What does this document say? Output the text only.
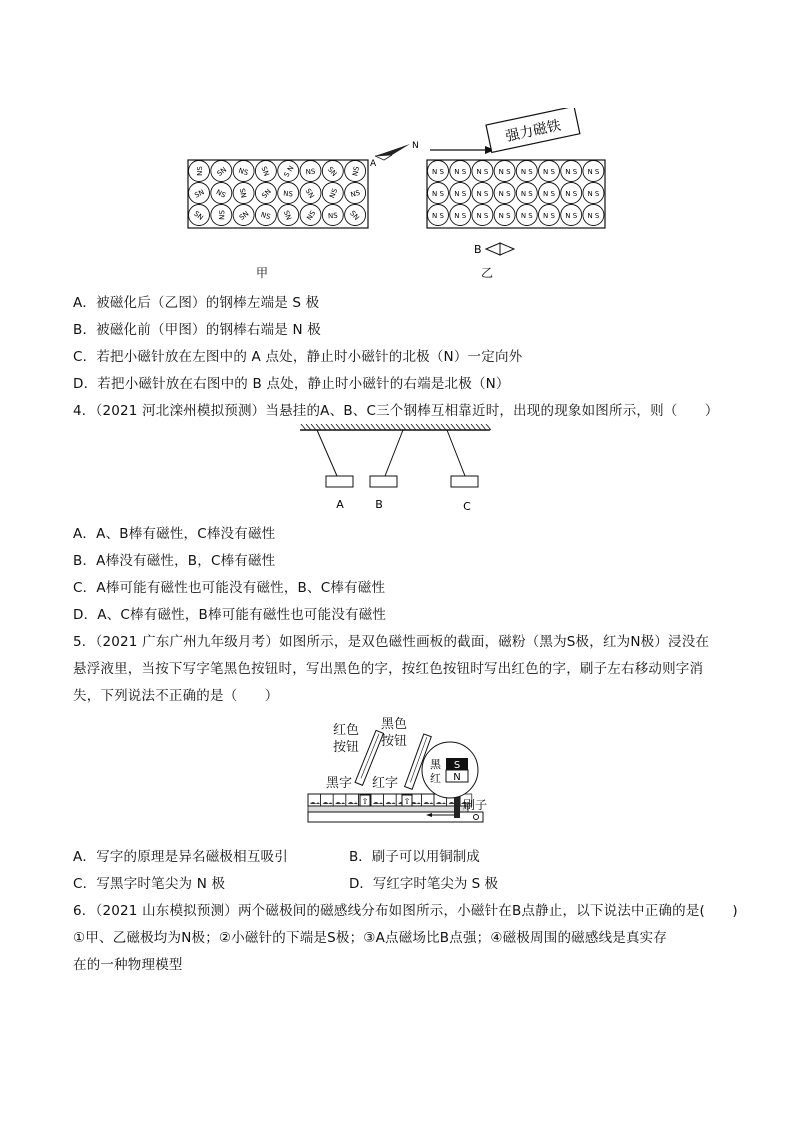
NS SN NS SN S N NS SN NS
SN NS SN SN NS SN NS NS
SN NS SN NS SN NS NS SN
N S N S N S N S N S N S N S N S
N S N S N S N S N S N S N S N S
N S N S N S N S N S N S N S N S
A
N
强力磁铁
B
甲	乙
A．被磁化后（乙图）的钢棒左端是 S 极
B．被磁化前（甲图）的钢棒右端是 N 极
C．若把小磁针放在左图中的 A 点处，静止时小磁针的北极（N）一定向外
D．若把小磁针放在右图中的 B 点处，静止时小磁针的右端是北极（N）
4．（2021 河北滦州模拟预测）当悬挂的A、B、C三个钢棒互相靠近时，出现的现象如图所示，则（　　）
A	B	C
A．A、B棒有磁性，C棒没有磁性
B．A棒没有磁性，B，C棒有磁性
C．A棒可能有磁性也可能没有磁性，B、C棒有磁性
D．A、C棒有磁性，B棒可能有磁性也可能没有磁性
5．（2021 广东广州九年级月考）如图所示，是双色磁性画板的截面，磁粉（黑为S极，红为N极）浸没在
悬浮液里，当按下写字笔黑色按钮时，写出黑色的字，按红色按钮时写出红色的字，刷子左右移动则字消
失，下列说法不正确的是（　　）
⇧	⇧
S
N
黑
红
红色
按钮
黑色
按钮
黑字 红字
刷子
A．写字的原理是异名磁极相互吸引	B．刷子可以用铜制成
C．写黑字时笔尖为 N 极	D．写红字时笔尖为 S 极
6．（2021 山东模拟预测）两个磁极间的磁感线分布如图所示，小磁针在B点静止，以下说法中正确的是(　　)
①甲、乙磁极均为N极；②小磁针的下端是S极；③A点磁场比B点强；④磁极周围的磁感线是真实存
在的一种物理模型
